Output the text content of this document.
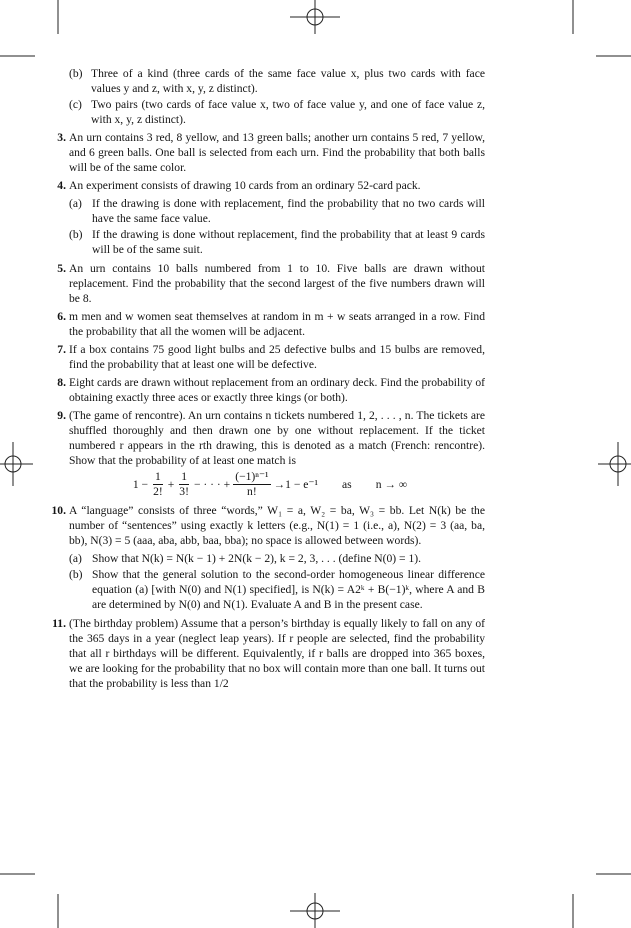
(b) Three of a kind (three cards of the same face value x, plus two cards with face values y and z, with x, y, z distinct).
(c) Two pairs (two cards of face value x, two of face value y, and one of face value z, with x, y, z distinct).
3. An urn contains 3 red, 8 yellow, and 13 green balls; another urn contains 5 red, 7 yellow, and 6 green balls. One ball is selected from each urn. Find the probability that both balls will be of the same color.
4. An experiment consists of drawing 10 cards from an ordinary 52-card pack.
(a) If the drawing is done with replacement, find the probability that no two cards will have the same face value.
(b) If the drawing is done without replacement, find the probability that at least 9 cards will be of the same suit.
5. An urn contains 10 balls numbered from 1 to 10. Five balls are drawn without replacement. Find the probability that the second largest of the five numbers drawn will be 8.
6. m men and w women seat themselves at random in m + w seats arranged in a row. Find the probability that all the women will be adjacent.
7. If a box contains 75 good light bulbs and 25 defective bulbs and 15 bulbs are removed, find the probability that at least one will be defective.
8. Eight cards are drawn without replacement from an ordinary deck. Find the probability of obtaining exactly three aces or exactly three kings (or both).
9. (The game of rencontre). An urn contains n tickets numbered 1, 2, . . . , n. The tickets are shuffled thoroughly and then drawn one by one without replacement. If the ticket numbered r appears in the rth drawing, this is denoted as a match (French: rencontre). Show that the probability of at least one match is
$1 - \frac{1}{2!} + \frac{1}{3!}$ − · · · + $\frac{\text{(−1)ⁿ⁻¹}}{n!} \to 1 - e^{-1}$ as n → ∞
10. A “language” consists of three “words,” W₁ = a, W₂ = ba, W₃ = bb. Let N(k) be the number of “sentences” using exactly k letters (e.g., N(1) = 1 (i.e., a), N(2) = 3 (aa, ba, bb), N(3) = 5 (aaa, aba, abb, baa, bba); no space is allowed between words).
(a) Show that N(k) = N(k − 1) + 2N(k − 2), k = 2, 3, . . . (define N(0) = 1).
(b) Show that the general solution to the second-order homogeneous linear difference equation (a) [with N(0) and N(1) specified], is N(k) = A2ᵏ + B(−1)ᵏ, where A and B are determined by N(0) and N(1). Evaluate A and B in the present case.
11. (The birthday problem) Assume that a person’s birthday is equally likely to fall on any of the 365 days in a year (neglect leap years). If r people are selected, find the probability that all r birthdays will be different. Equivalently, if r balls are dropped into 365 boxes, we are looking for the probability that no box will contain more than one ball. It turns out that the probability is less than 1/2
